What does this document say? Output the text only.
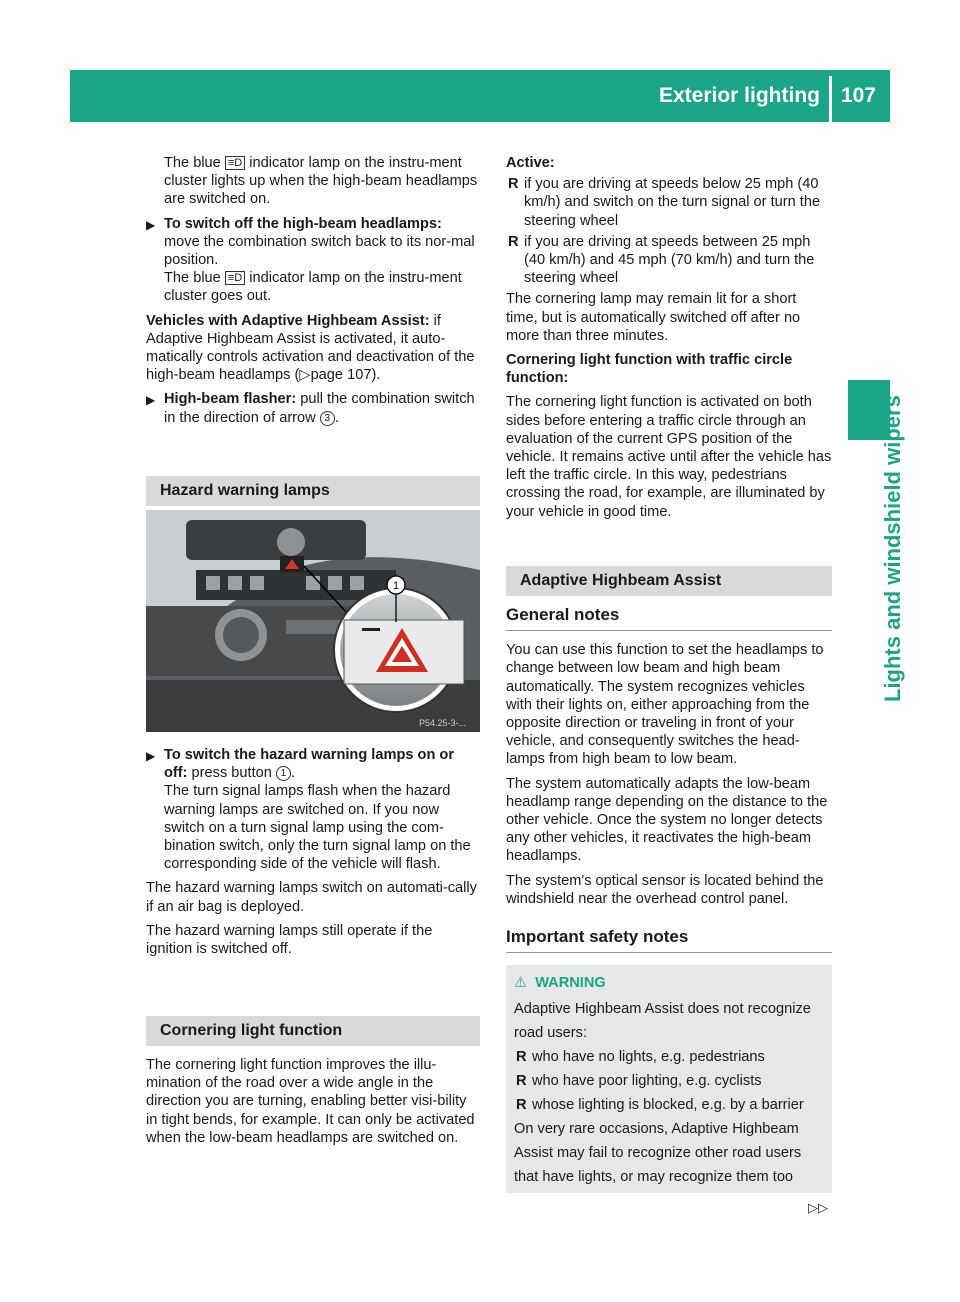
Exterior lighting 107
Lights and windshield wipers

The blue ≡D indicator lamp on the instru-ment cluster lights up when the high-beam headlamps are switched on.

▶ To switch off the high-beam headlamps:
move the combination switch back to its nor-mal position.
The blue ≡D indicator lamp on the instru-ment cluster goes out.

Vehicles with Adaptive Highbeam Assist: if Adaptive Highbeam Assist is activated, it auto-matically controls activation and deactivation of the high-beam headlamps (▷page 107).

▶ High-beam flasher: pull the combination switch in the direction of arrow 3 .
Hazard warning lamps
1
P54.25-3-...
▶ To switch the hazard warning lamps on or off: press button 1 .
The turn signal lamps flash when the hazard warning lamps are switched on. If you now switch on a turn signal lamp using the com-bination switch, only the turn signal lamp on the corresponding side of the vehicle will flash.

The hazard warning lamps switch on automati-cally if an air bag is deployed.

The hazard warning lamps still operate if the ignition is switched off.

Cornering light function

The cornering light function improves the illu-mination of the road over a wide angle in the direction you are turning, enabling better visi-bility in tight bends, for example. It can only be activated when the low-beam headlamps are switched on.

Active:

R if you are driving at speeds below 25 mph (40 km/h) and switch on the turn signal or turn the steering wheel
R if you are driving at speeds between 25 mph (40 km/h) and 45 mph (70 km/h) and turn the steering wheel

The cornering lamp may remain lit for a short time, but is automatically switched off after no more than three minutes.

Cornering light function with traffic circle function:

The cornering light function is activated on both sides before entering a traffic circle through an evaluation of the current GPS position of the vehicle. It remains active until after the vehicle has left the traffic circle. In this way, pedestrians crossing the road, for example, are illuminated by your vehicle in good time.

Adaptive Highbeam Assist
General notes

You can use this function to set the headlamps to change between low beam and high beam automatically. The system recognizes vehicles with their lights on, either approaching from the opposite direction or traveling in front of your vehicle, and consequently switches the head-lamps from high beam to low beam.

The system automatically adapts the low-beam headlamp range depending on the distance to the other vehicle. Once the system no longer detects any other vehicles, it reactivates the high-beam headlamps.

The system's optical sensor is located behind the windshield near the overhead control panel.

Important safety notes
⚠ WARNING

Adaptive Highbeam Assist does not recognize road users:

R who have no lights, e.g. pedestrians
R who have poor lighting, e.g. cyclists
R whose lighting is blocked, e.g. by a barrier

On very rare occasions, Adaptive Highbeam Assist may fail to recognize other road users that have lights, or may recognize them too

▷▷
